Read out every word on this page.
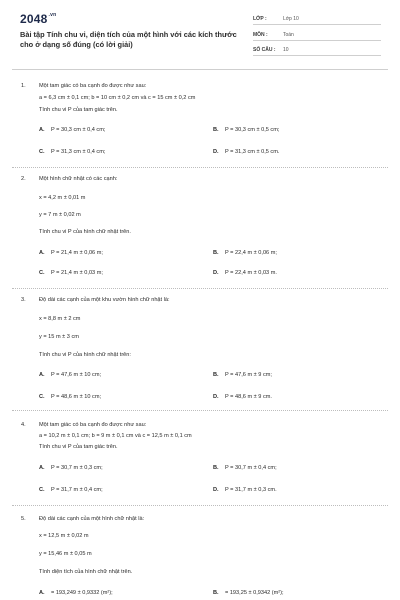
$2048^{.vn}$
Bài tập Tính chu vi, diện tích của một hình với các kích thước cho ở dạng số đúng (có lời giải)
LỚP :	Lớp 10
MÔN :	Toán
SỐ CÂU : 10
1. Một tam giác có ba cạnh đo được như sau:
a = 6,3 cm ± 0,1 cm; b = 10 cm ± 0,2 cm và c = 15 cm ± 0,2 cm
Tính chu vi P của tam giác trên.
A. P = 30,3 cm ± 0,4 cm;	B. P = 30,3 cm ± 0,5 cm;
C. P = 31,3 cm ± 0,4 cm;	D. P = 31,3 cm ± 0,5 cm.
2. Một hình chữ nhật có các cạnh:
x = 4,2 m ± 0,01 m
y = 7 m ± 0,02 m
Tính chu vi P của hình chữ nhật trên.
A. P = 21,4 m ± 0,06 m;	B. P = 22,4 m ± 0,06 m;
C. P = 21,4 m ± 0,03 m;	D. P = 22,4 m ± 0,03 m.
3. Độ dài các cạnh của một khu vườn hình chữ nhật là:
x = 8,8 m ± 2 cm
y = 15 m ± 3 cm
Tính chu vi P của hình chữ nhật trên:
A. P = 47,6 m ± 10 cm;	B. P = 47,6 m ± 9 cm;
C. P = 48,6 m ± 10 cm;	D. P = 48,6 m ± 9 cm.
4. Một tam giác có ba cạnh đo được như sau:
a = 10,2 m ± 0,1 cm; b = 9 m ± 0,1 cm và c = 12,5 m ± 0,1 cm
Tính chu vi P của tam giác trên.
A. P = 30,7 m ± 0,3 cm;	B. P = 30,7 m ± 0,4 cm;
C. P = 31,7 m ± 0,4 cm;	D. P = 31,7 m ± 0,3 cm.
5. Độ dài các cạnh của một hình chữ nhật là:
x = 12,5 m ± 0,02 m
y = 15,46 m ± 0,05 m
Tính diện tích của hình chữ nhật trên.
A. = 193,249 ± 0,9332 (m²);	B. = 193,25 ± 0,9342 (m²);
